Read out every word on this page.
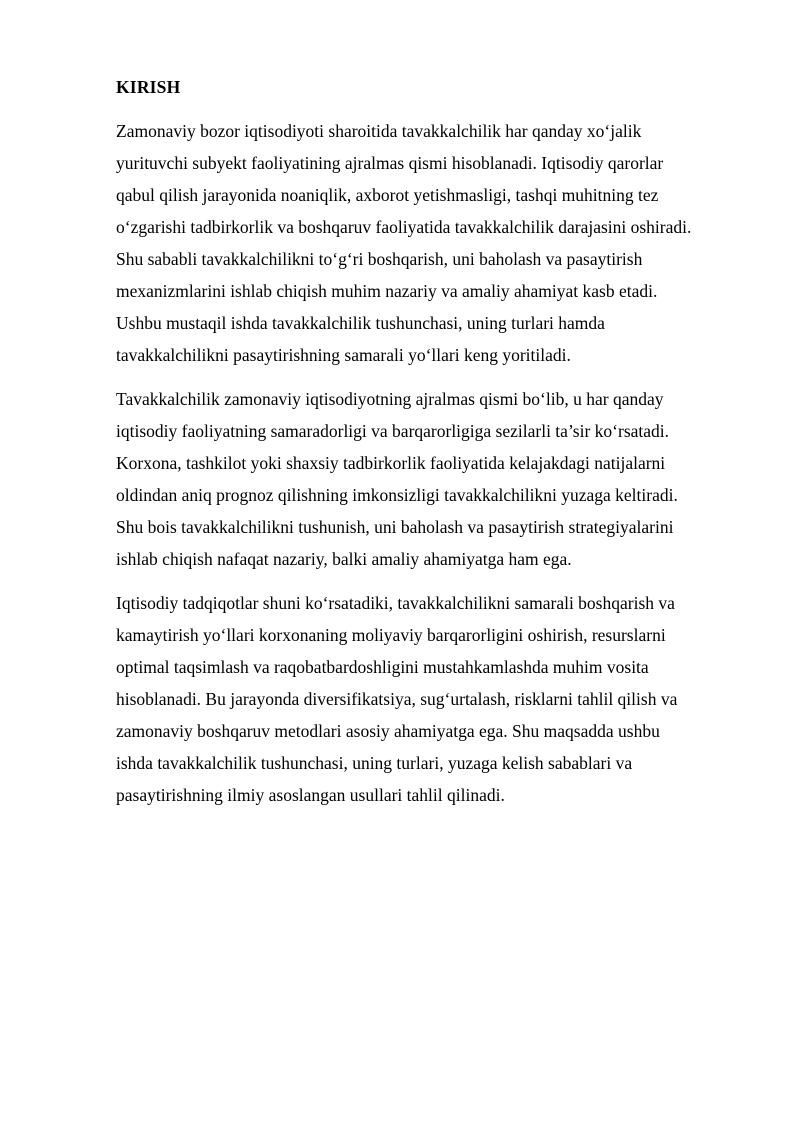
KIRISH
Zamonaviy bozor iqtisodiyoti sharoitida tavakkalchilik har qanday xo‘jalik
yurituvchi subyekt faoliyatining ajralmas qismi hisoblanadi. Iqtisodiy qarorlar
qabul qilish jarayonida noaniqlik, axborot yetishmasligi, tashqi muhitning tez
o‘zgarishi tadbirkorlik va boshqaruv faoliyatida tavakkalchilik darajasini oshiradi.
Shu sababli tavakkalchilikni to‘g‘ri boshqarish, uni baholash va pasaytirish
mexanizmlarini ishlab chiqish muhim nazariy va amaliy ahamiyat kasb etadi.
Ushbu mustaqil ishda tavakkalchilik tushunchasi, uning turlari hamda
tavakkalchilikni pasaytirishning samarali yo‘llari keng yoritiladi.
Tavakkalchilik zamonaviy iqtisodiyotning ajralmas qismi bo‘lib, u har qanday
iqtisodiy faoliyatning samaradorligi va barqarorligiga sezilarli ta’sir ko‘rsatadi.
Korxona, tashkilot yoki shaxsiy tadbirkorlik faoliyatida kelajakdagi natijalarni
oldindan aniq prognoz qilishning imkonsizligi tavakkalchilikni yuzaga keltiradi.
Shu bois tavakkalchilikni tushunish, uni baholash va pasaytirish strategiyalarini
ishlab chiqish nafaqat nazariy, balki amaliy ahamiyatga ham ega.
Iqtisodiy tadqiqotlar shuni ko‘rsatadiki, tavakkalchilikni samarali boshqarish va
kamaytirish yo‘llari korxonaning moliyaviy barqarorligini oshirish, resurslarni
optimal taqsimlash va raqobatbardoshligini mustahkamlashda muhim vosita
hisoblanadi. Bu jarayonda diversifikatsiya, sug‘urtalash, risklarni tahlil qilish va
zamonaviy boshqaruv metodlari asosiy ahamiyatga ega. Shu maqsadda ushbu
ishda tavakkalchilik tushunchasi, uning turlari, yuzaga kelish sabablari va
pasaytirishning ilmiy asoslangan usullari tahlil qilinadi.
